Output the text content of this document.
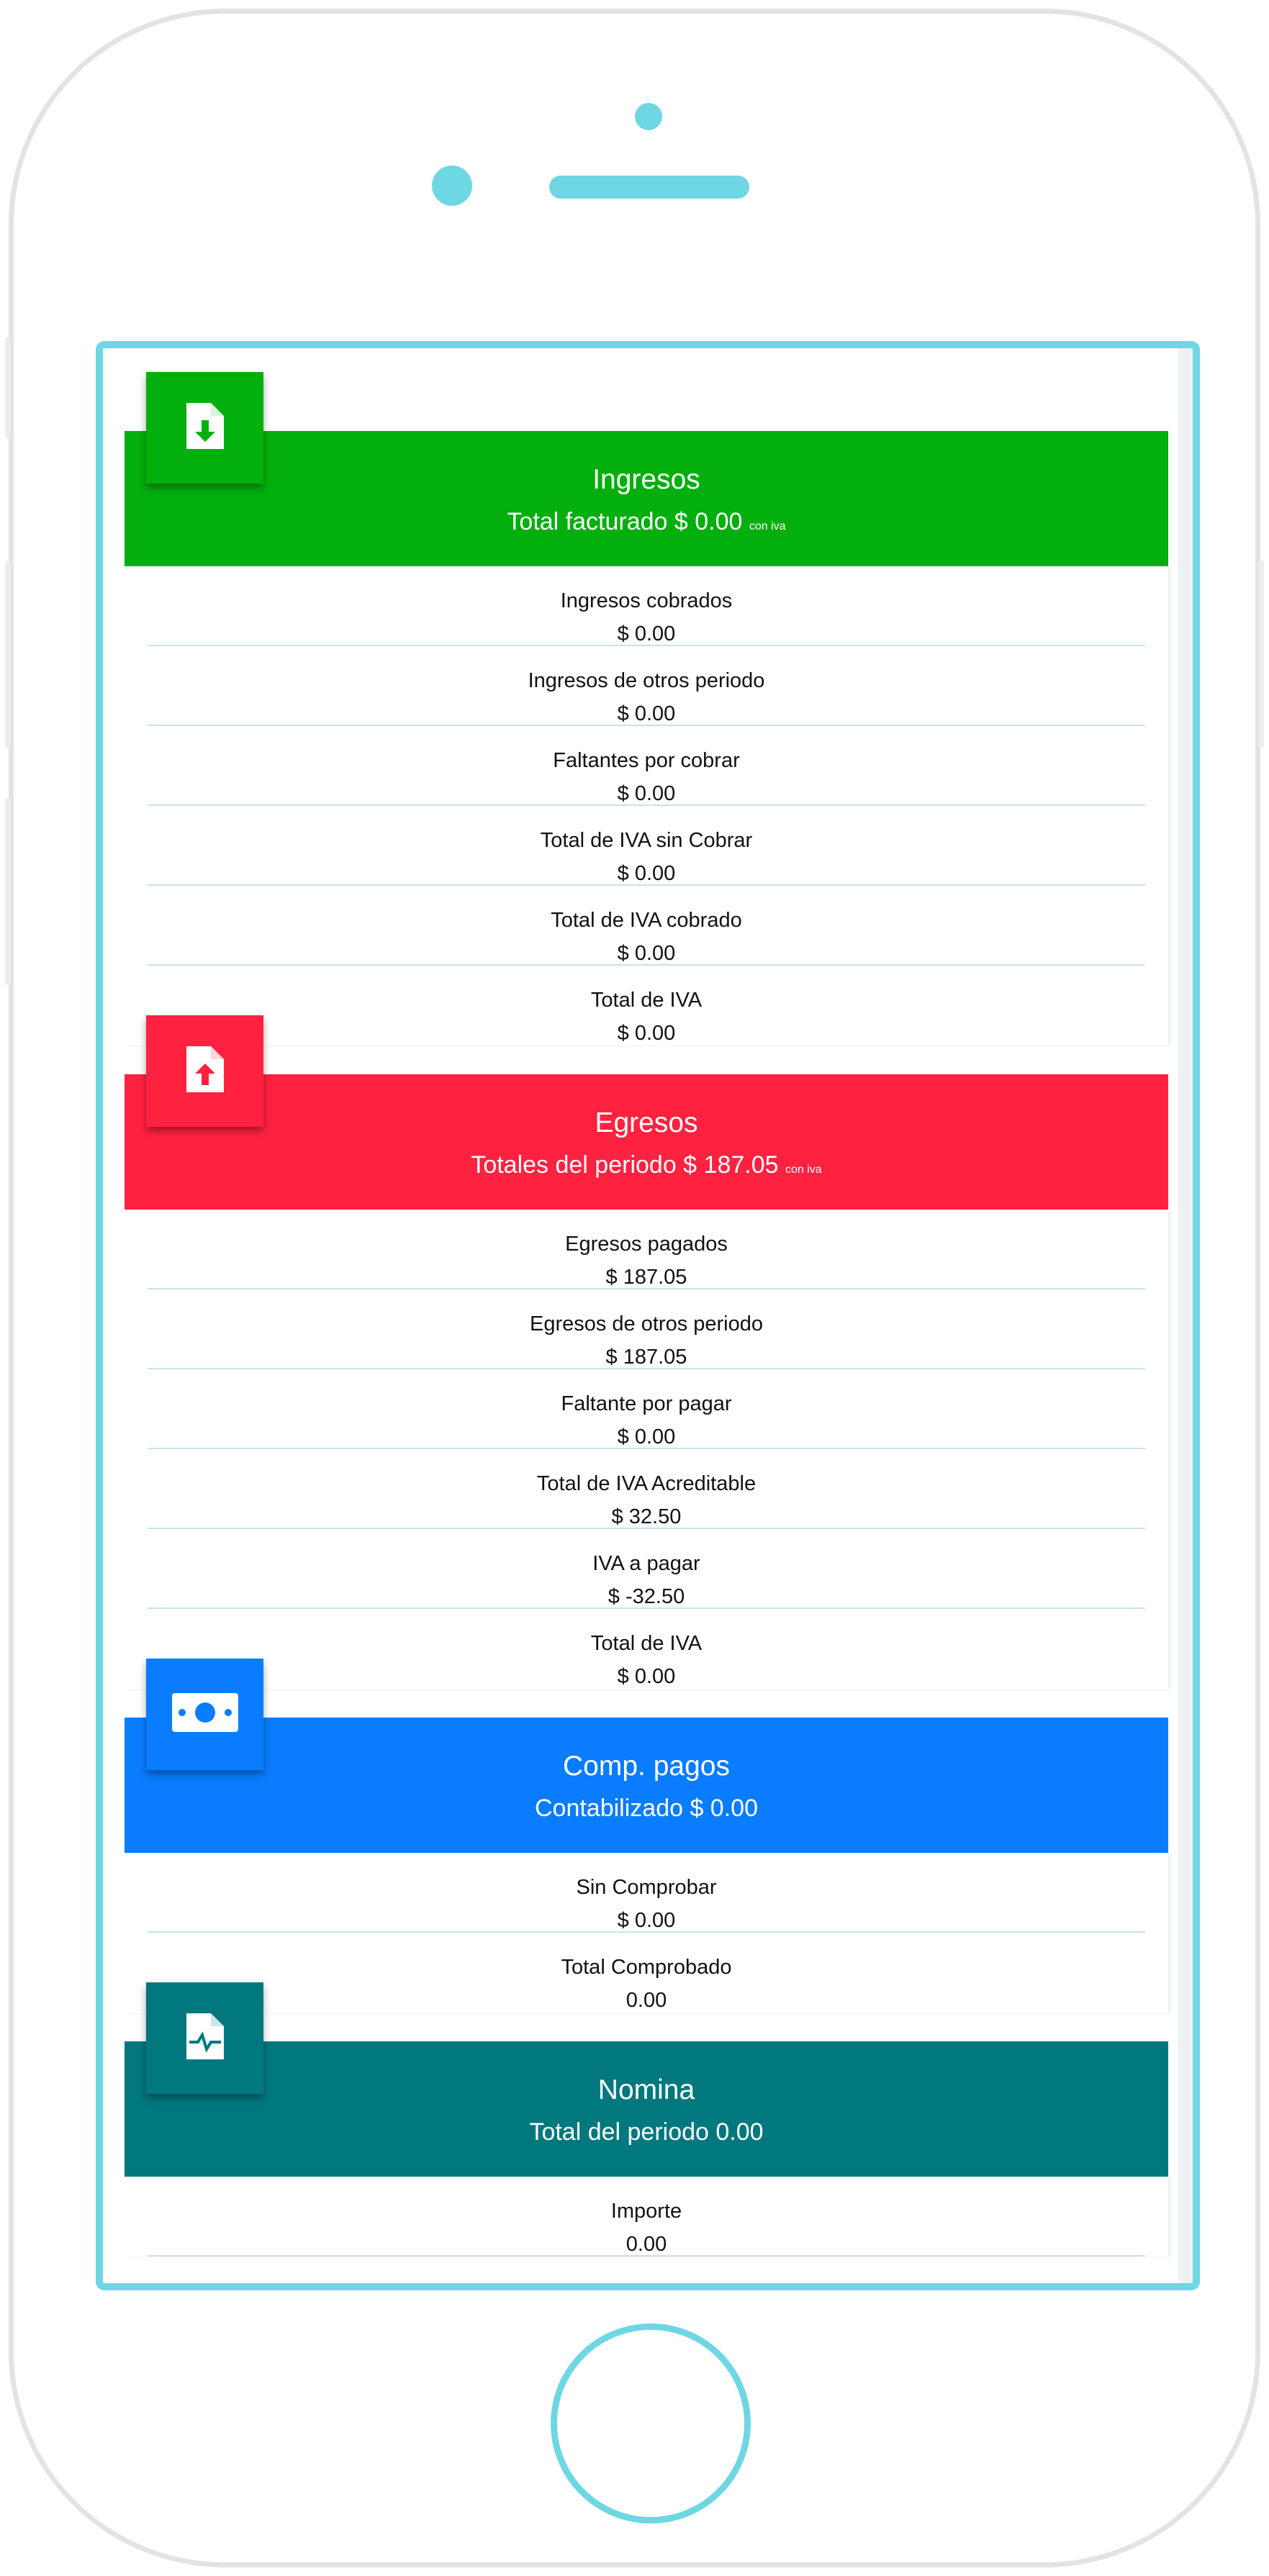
Ingresos
Total facturado $ 0.00 con iva
Ingresos cobrados
$ 0.00
Ingresos de otros periodo
$ 0.00
Faltantes por cobrar
$ 0.00
Total de IVA sin Cobrar
$ 0.00
Total de IVA cobrado
$ 0.00
Total de IVA
$ 0.00
Egresos
Totales del periodo $ 187.05 con iva
Egresos pagados
$ 187.05
Egresos de otros periodo
$ 187.05
Faltante por pagar
$ 0.00
Total de IVA Acreditable
$ 32.50
IVA a pagar
$ -32.50
Total de IVA
$ 0.00
Comp. pagos
Contabilizado $ 0.00
Sin Comprobar
$ 0.00
Total Comprobado
0.00
Nomina
Total del periodo 0.00
Importe
0.00
